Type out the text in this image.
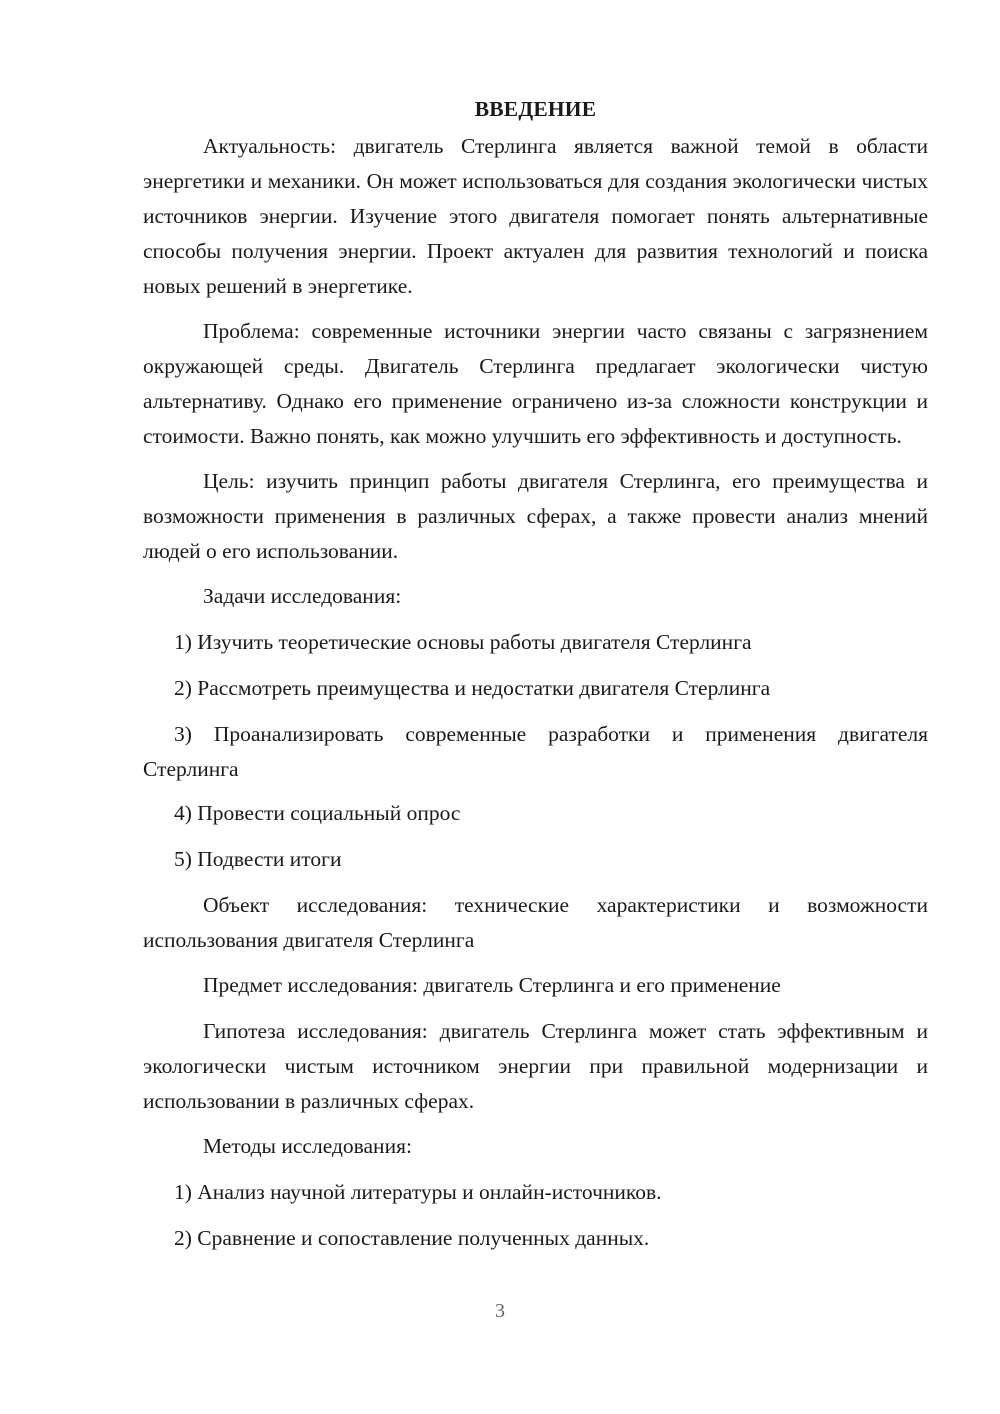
ВВЕДЕНИЕ

Актуальность: двигатель Стерлинга является важной темой в области энергетики и механики. Он может использоваться для создания экологически чистых источников энергии. Изучение этого двигателя помогает понять альтернативные способы получения энергии. Проект актуален для развития технологий и поиска новых решений в энергетике.

Проблема: современные источники энергии часто связаны с загрязнением окружающей среды. Двигатель Стерлинга предлагает экологически чистую альтернативу. Однако его применение ограничено из-за сложности конструкции и стоимости. Важно понять, как можно улучшить его эффективность и доступность.

Цель: изучить принцип работы двигателя Стерлинга, его преимущества и возможности применения в различных сферах, а также провести анализ мнений людей о его использовании.

Задачи исследования:

1) Изучить теоретические основы работы двигателя Стерлинга

2) Рассмотреть преимущества и недостатки двигателя Стерлинга

3) Проанализировать современные разработки и применения двигателя Стерлинга

4) Провести социальный опрос

5) Подвести итоги

Объект исследования: технические характеристики и возможности использования двигателя Стерлинга

Предмет исследования: двигатель Стерлинга и его применение

Гипотеза исследования: двигатель Стерлинга может стать эффективным и экологически чистым источником энергии при правильной модернизации и использовании в различных сферах.

Методы исследования:

1) Анализ научной литературы и онлайн-источников.

2) Сравнение и сопоставление полученных данных.

3
